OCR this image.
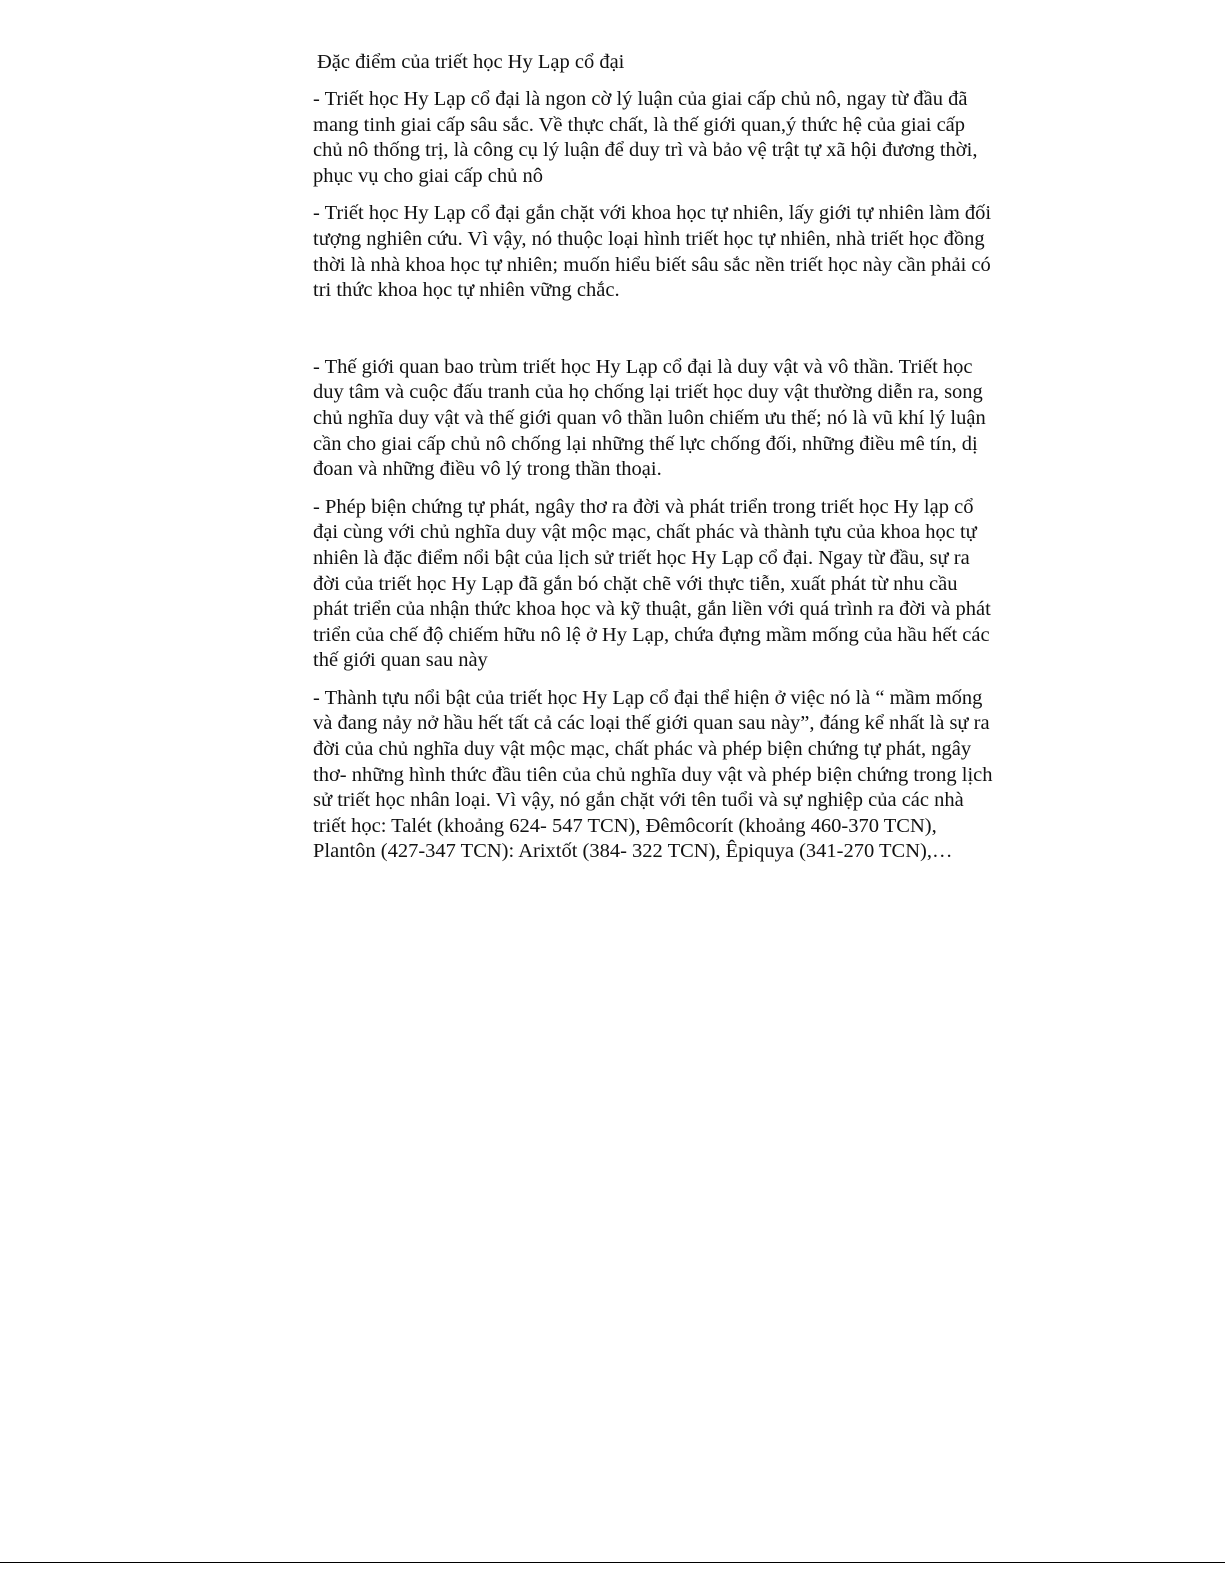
Đặc điểm của triết học Hy Lạp cổ đại

- Triết học Hy Lạp cổ đại là ngon cờ lý luận của giai cấp chủ nô, ngay từ đầu đã mang tinh giai cấp sâu sắc. Về thực chất, là thế giới quan,ý thức hệ của giai cấp chủ nô thống trị, là công cụ lý luận để duy trì và bảo vệ trật tự xã hội đương thời, phục vụ cho giai cấp chủ nô

- Triết học Hy Lạp cổ đại gắn chặt với khoa học tự nhiên, lấy giới tự nhiên làm đối tượng nghiên cứu. Vì vậy, nó thuộc loại hình triết học tự nhiên, nhà triết học đồng thời là nhà khoa học tự nhiên; muốn hiểu biết sâu sắc nền triết học này cần phải có tri thức khoa học tự nhiên vững chắc.

- Thế giới quan bao trùm triết học Hy Lạp cổ đại là duy vật và vô thần. Triết học duy tâm và cuộc đấu tranh của họ chống lại triết học duy vật thường diễn ra, song chủ nghĩa duy vật và thế giới quan vô thần luôn chiếm ưu thế; nó là vũ khí lý luận cần cho giai cấp chủ nô chống lại những thế lực chống đối, những điều mê tín, dị đoan và những điều vô lý trong thần thoại.

- Phép biện chứng tự phát, ngây thơ ra đời và phát triển trong triết học Hy lạp cổ đại cùng với chủ nghĩa duy vật mộc mạc, chất phác và thành tựu của khoa học tự nhiên là đặc điểm nổi bật của lịch sử triết học Hy Lạp cổ đại. Ngay từ đầu, sự ra đời của triết học Hy Lạp đã gắn bó chặt chẽ với thực tiễn, xuất phát từ nhu cầu phát triển của nhận thức khoa học và kỹ thuật, gắn liền với quá trình ra đời và phát triển của chế độ chiếm hữu nô lệ ở Hy Lạp, chứa đựng mầm mống của hầu hết các thế giới quan sau này

- Thành tựu nổi bật của triết học Hy Lạp cổ đại thể hiện ở việc nó là “ mầm mống và đang nảy nở hầu hết tất cả các loại thế giới quan sau này”, đáng kể nhất là sự ra đời của chủ nghĩa duy vật mộc mạc, chất phác và phép biện chứng tự phát, ngây thơ- những hình thức đầu tiên của chủ nghĩa duy vật và phép biện chứng trong lịch sử triết học nhân loại. Vì vậy, nó gắn chặt với tên tuổi và sự nghiệp của các nhà triết học: Talét (khoảng 624- 547 TCN), Đêmôcorít (khoảng 460-370 TCN), Plantôn (427-347 TCN): Arixtốt (384- 322 TCN), Êpiquya (341-270 TCN),…
